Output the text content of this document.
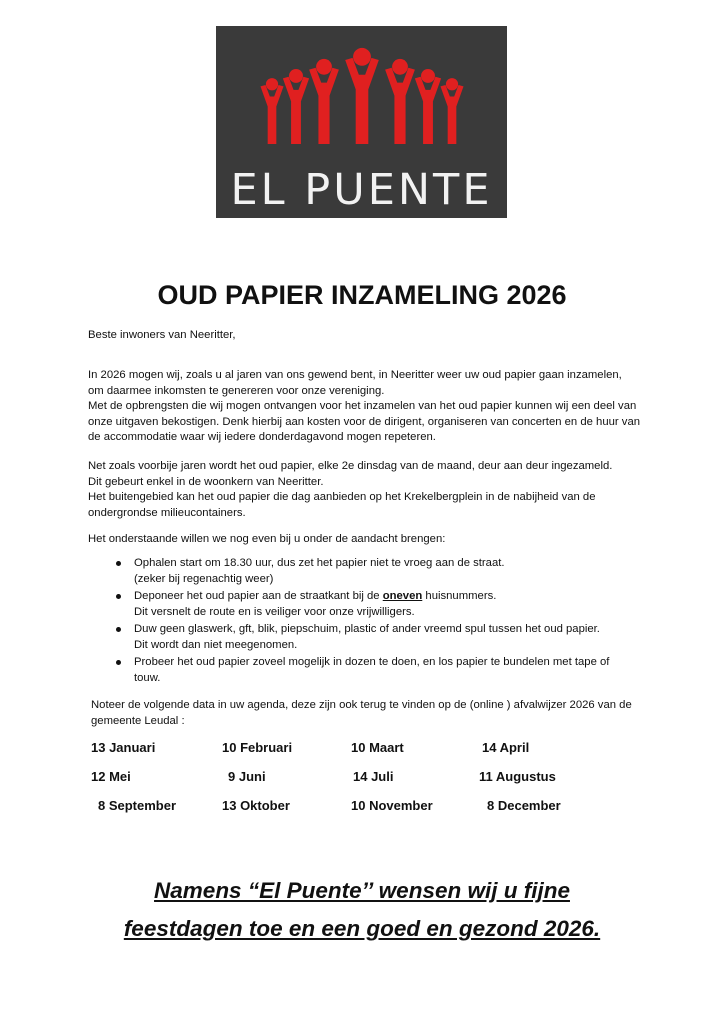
EL PUENTE
OUD PAPIER INZAMELING 2026

Beste inwoners van Neeritter,

In 2026 mogen wij, zoals u al jaren van ons gewend bent, in Neeritter weer uw oud papier gaan inzamelen,
om daarmee inkomsten te genereren voor onze vereniging.
Met de opbrengsten die wij mogen ontvangen voor het inzamelen van het oud papier kunnen wij een deel van
onze uitgaven bekostigen. Denk hierbij aan kosten voor de dirigent, organiseren van concerten en de huur van
de accommodatie waar wij iedere donderdagavond mogen repeteren.

Net zoals voorbije jaren wordt het oud papier, elke 2e dinsdag van de maand, deur aan deur ingezameld.
Dit gebeurt enkel in de woonkern van Neeritter.
Het buitengebied kan het oud papier die dag aanbieden op het Krekelbergplein in de nabijheid van de
ondergrondse milieucontainers.

Het onderstaande willen we nog even bij u onder de aandacht brengen:

Ophalen start om 18.30 uur, dus zet het papier niet te vroeg aan de straat.
(zeker bij regenachtig weer)
Deponeer het oud papier aan de straatkant bij de oneven huisnummers.
Dit versnelt de route en is veiliger voor onze vrijwilligers.
Duw geen glaswerk, gft, blik, piepschuim, plastic of ander vreemd spul tussen het oud papier.
Dit wordt dan niet meegenomen.
Probeer het oud papier zoveel mogelijk in dozen te doen, en los papier te bundelen met tape of
touw.

Noteer de volgende data in uw agenda, deze zijn ook terug te vinden op de (online ) afvalwijzer 2026 van de
gemeente Leudal :

13 Januari	10 Februari	10 Maart	14 April
12 Mei	9 Juni	14 Juli	11 Augustus
8 September	13 Oktober	10 November	8 December
Namens “El Puente’’ wensen wij u fijne
feestdagen toe en een goed en gezond 2026.
